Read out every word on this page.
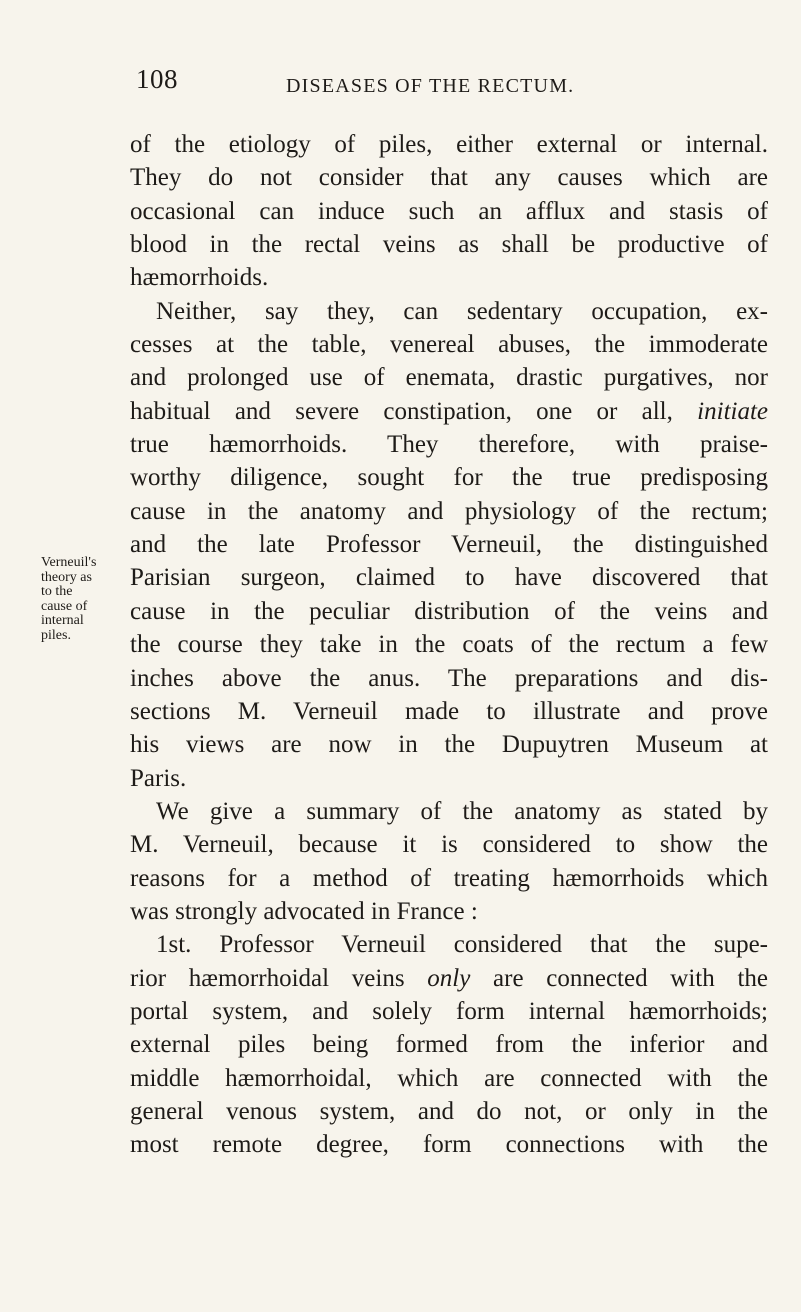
108	DISEASES OF THE RECTUM.
Verneuil's
theory as
to the
cause of
internal
piles.
of the etiology of piles, either external or internal.
They do not consider that any causes which are
occasional can induce such an afflux and stasis of
blood in the rectal veins as shall be productive of
hæmorrhoids.
Neither, say they, can sedentary occupation, ex-
cesses at the table, venereal abuses, the immoderate
and prolonged use of enemata, drastic purgatives, nor
habitual and severe constipation, one or all, initiate
true hæmorrhoids. They therefore, with praise-
worthy diligence, sought for the true predisposing
cause in the anatomy and physiology of the rectum;
and the late Professor Verneuil, the distinguished
Parisian surgeon, claimed to have discovered that
cause in the peculiar distribution of the veins and
the course they take in the coats of the rectum a few
inches above the anus. The preparations and dis-
sections M. Verneuil made to illustrate and prove
his views are now in the Dupuytren Museum at
Paris.
We give a summary of the anatomy as stated by
M. Verneuil, because it is considered to show the
reasons for a method of treating hæmorrhoids which
was strongly advocated in France :
1st. Professor Verneuil considered that the supe-
rior hæmorrhoidal veins only are connected with the
portal system, and solely form internal hæmorrhoids;
external piles being formed from the inferior and
middle hæmorrhoidal, which are connected with the
general venous system, and do not, or only in the
most remote degree, form connections with the
